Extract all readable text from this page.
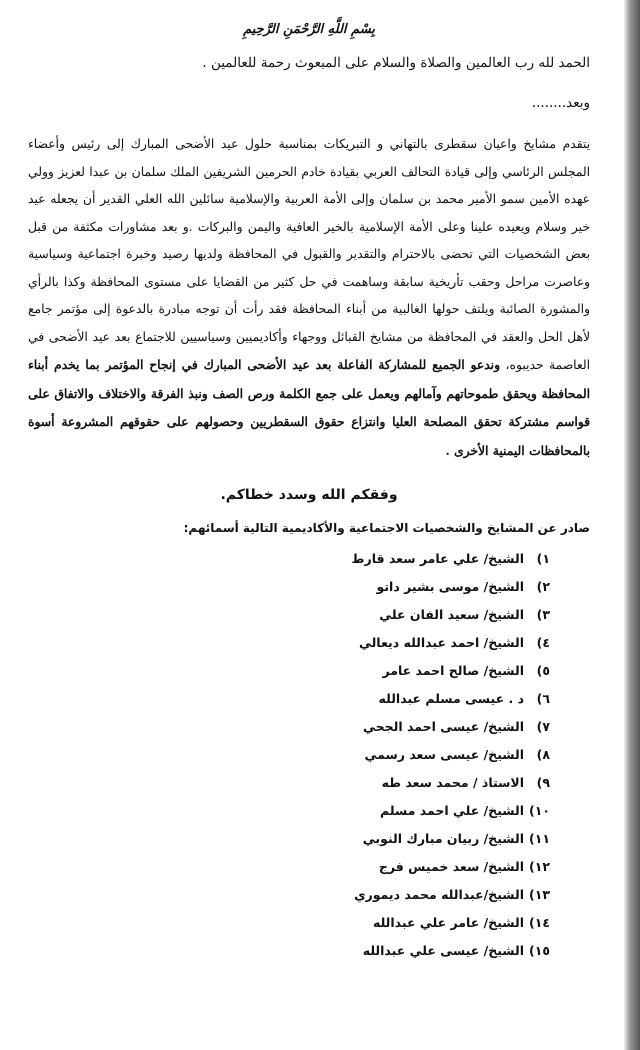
بِسْمِ اللَّهِ الرَّحْمَنِ الرَّحِيمِ
الحمد لله رب العالمين والصلاة والسلام على المبعوث رحمة للعالمين .
وبعد........

يتقدم مشايخ واعيان سقطرى بالتهاني و التبريكات بمناسبة حلول عيد الأضحى المبارك إلى رئيس وأعضاء المجلس الرئاسي وإلى قيادة التحالف العربي بقيادة خادم الحرمين الشريفين الملك سلمان بن عبدا لعزيز وولي عهده الأمين سمو الأمير محمد بن سلمان وإلى الأمة العربية والإسلامية سائلين الله العلي القدير أن يجعله عيد خير وسلام ويعيده علينا وعلى الأمة الإسلامية بالخير العافية واليمن والبركات .و بعد مشاورات مكثفة من قبل بعض الشخصيات التي تحضى بالاحترام والتقدير والقبول في المحافظة ولديها رصيد وخبرة اجتماعية وسياسية وعاصرت مراحل وحقب تأريخية سابقة وساهمت في حل كثير من القضايا على مستوى المحافظة وكذا بالرأي والمشورة الصائبة ويلتف حولها الغالبية من أبناء المحافظة فقد رأت أن توجه مبادرة بالدعوة إلى مؤتمر جامع لأهل الحل والعقد في المحافظة من مشايخ القبائل ووجهاء وأكاديميين وسياسيين للاجتماع بعد عيد الأضحى في العاصمة حديبوه، وندعو الجميع للمشاركة الفاعلة بعد عيد الأضحى المبارك في إنجاح المؤتمر بما يخدم أبناء المحافظة ويحقق طموحاتهم وآمالهم ويعمل على جمع الكلمة ورص الصف ونبذ الفرقة والاختلاف والاتفاق على قواسم مشتركة تحقق المصلحة العليا وانتزاع حقوق السقطريين وحصولهم على حقوقهم المشروعة أسوة بالمحافظات اليمنية الأخرى .

وفقكم الله وسدد خطاكم.
صادر عن المشايخ والشخصيات الاجتماعية والأكاديمية التالية أسمائهم:
١)
الشيخ/ علي عامر سعد قارط
٢)
الشيخ/ موسى بشير داتو
٣)
الشيخ/ سعيد الفان علي
٤)
الشيخ/ احمد عبدالله ديعالي
٥)
الشيخ/ صالح احمد عامر
٦)
د . عيسى مسلم عبدالله
٧)
الشيخ/ عيسى احمد الجحي
٨)
الشيخ/ عيسى سعد رسمي
٩)
الاستاذ / محمد سعد طه
١٠)
الشيخ/ علي احمد مسلم
١١)
الشيخ/ ربيان مبارك النوبي
١٢)
الشيخ/ سعد خميس فرج
١٣)
الشيخ/عبدالله محمد ديموري
١٤)
الشيخ/ عامر علي عبدالله
١٥)
الشيخ/ عيسى علي عبدالله
